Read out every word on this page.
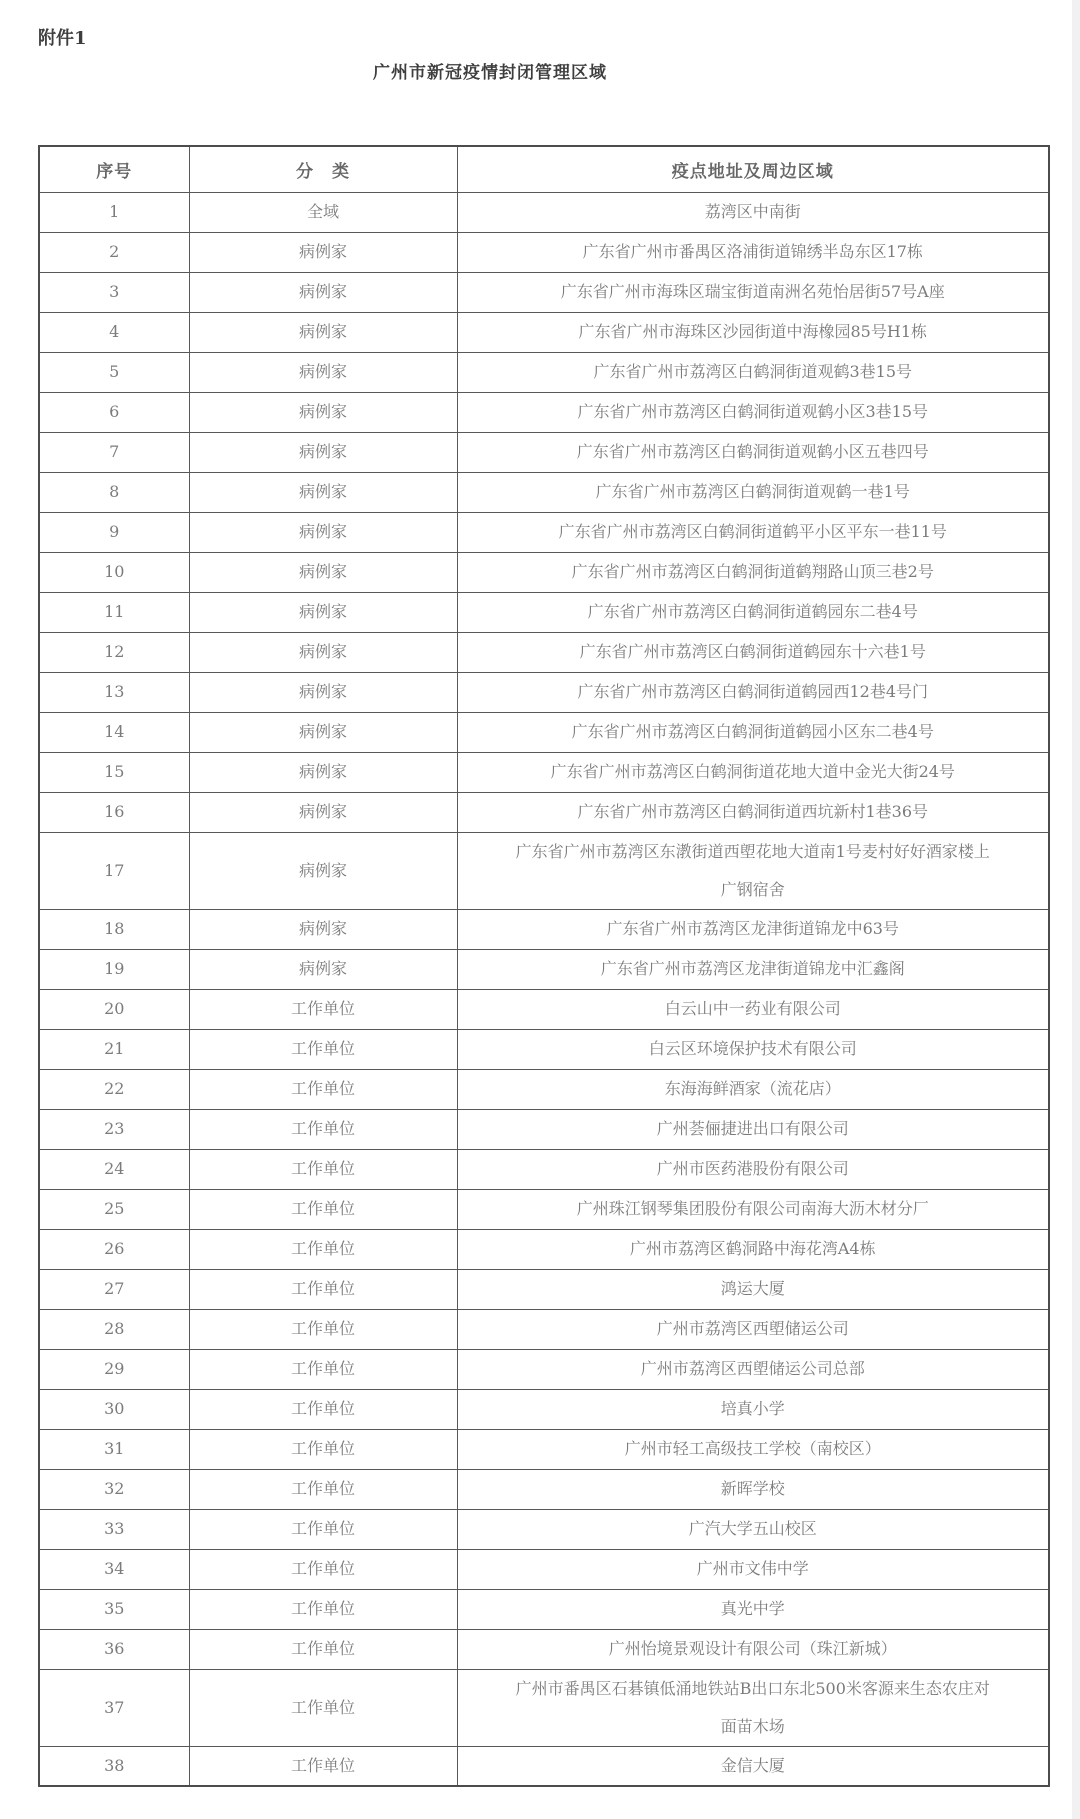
附件1
广州市新冠疫情封闭管理区域
序号	分　类	疫点地址及周边区域
1	全域	荔湾区中南街
2	病例家	广东省广州市番禺区洛浦街道锦绣半岛东区17栋
3	病例家	广东省广州市海珠区瑞宝街道南洲名苑怡居街57号A座
4	病例家	广东省广州市海珠区沙园街道中海橡园85号H1栋
5	病例家	广东省广州市荔湾区白鹤洞街道观鹤3巷15号
6	病例家	广东省广州市荔湾区白鹤洞街道观鹤小区3巷15号
7	病例家	广东省广州市荔湾区白鹤洞街道观鹤小区五巷四号
8	病例家	广东省广州市荔湾区白鹤洞街道观鹤一巷1号
9	病例家	广东省广州市荔湾区白鹤洞街道鹤平小区平东一巷11号
10	病例家	广东省广州市荔湾区白鹤洞街道鹤翔路山顶三巷2号
11	病例家	广东省广州市荔湾区白鹤洞街道鹤园东二巷4号
12	病例家	广东省广州市荔湾区白鹤洞街道鹤园东十六巷1号
13	病例家	广东省广州市荔湾区白鹤洞街道鹤园西12巷4号门
14	病例家	广东省广州市荔湾区白鹤洞街道鹤园小区东二巷4号
15	病例家	广东省广州市荔湾区白鹤洞街道花地大道中金光大街24号
16	病例家	广东省广州市荔湾区白鹤洞街道西坑新村1巷36号
17	病例家	广东省广州市荔湾区东漖街道西塱花地大道南1号麦村好好酒家楼上广钢宿舍
18	病例家	广东省广州市荔湾区龙津街道锦龙中63号
19	病例家	广东省广州市荔湾区龙津街道锦龙中汇鑫阁
20	工作单位	白云山中一药业有限公司
21	工作单位	白云区环境保护技术有限公司
22	工作单位	东海海鲜酒家（流花店）
23	工作单位	广州荟俪捷进出口有限公司
24	工作单位	广州市医药港股份有限公司
25	工作单位	广州珠江钢琴集团股份有限公司南海大沥木材分厂
26	工作单位	广州市荔湾区鹤洞路中海花湾A4栋
27	工作单位	鸿运大厦
28	工作单位	广州市荔湾区西塱储运公司
29	工作单位	广州市荔湾区西塱储运公司总部
30	工作单位	培真小学
31	工作单位	广州市轻工高级技工学校（南校区）
32	工作单位	新晖学校
33	工作单位	广汽大学五山校区
34	工作单位	广州市文伟中学
35	工作单位	真光中学
36	工作单位	广州怡境景观设计有限公司（珠江新城）
37	工作单位	广州市番禺区石碁镇低涌地铁站B出口东北500米客源来生态农庄对面苗木场
38	工作单位	金信大厦
